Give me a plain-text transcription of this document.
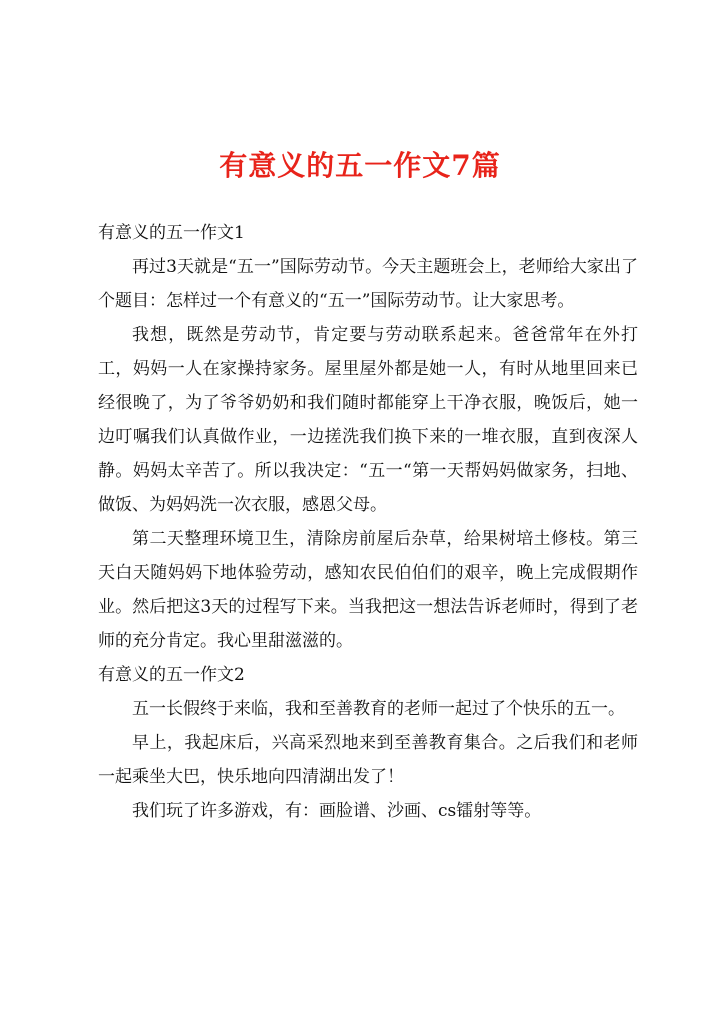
有意义的五一作文7篇
有意义的五一作文1

再过3天就是“五一”国际劳动节。今天主题班会上，老师给大家出了个题目：怎样过一个有意义的“五一”国际劳动节。让大家思考。

我想，既然是劳动节，肯定要与劳动联系起来。爸爸常年在外打工，妈妈一人在家操持家务。屋里屋外都是她一人，有时从地里回来已经很晚了，为了爷爷奶奶和我们随时都能穿上干净衣服，晚饭后，她一边叮嘱我们认真做作业，一边搓洗我们换下来的一堆衣服，直到夜深人静。妈妈太辛苦了。所以我决定：“五一“第一天帮妈妈做家务，扫地、做饭、为妈妈洗一次衣服，感恩父母。

第二天整理环境卫生，清除房前屋后杂草，给果树培土修枝。第三天白天随妈妈下地体验劳动，感知农民伯伯们的艰辛，晚上完成假期作业。然后把这3天的过程写下来。当我把这一想法告诉老师时，得到了老师的充分肯定。我心里甜滋滋的。

有意义的五一作文2

五一长假终于来临，我和至善教育的老师一起过了个快乐的五一。

早上，我起床后，兴高采烈地来到至善教育集合。之后我们和老师一起乘坐大巴，快乐地向四清湖出发了！

我们玩了许多游戏，有：画脸谱、沙画、cs镭射等等。
